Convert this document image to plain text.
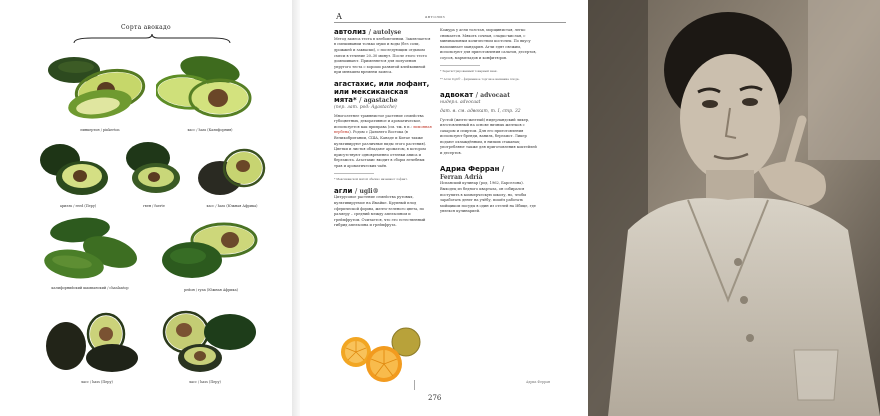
Сорта авокадо
пинкертон / pinkerton	хасс / hass (Калифорния)
ариэль / reed (Перу)	гвен / fuerte	хасс / hass (Южная Африка)
калифорнийский шампанский / chanlantop	рейон / ryan (Южная Африка)
хасс / hass (Перу)	хасс / hass (Перу)
А	автолиз
автолиз / autolyse

Метод замеса теста в хлебопечении. Заключается в смешивании только муки и воды (без соли, дрожжей и закваски), с последующим отдыхом смеси в течение 20–30 минут. После этого тесто домешивают. Применяется для получения упругого теста с хорошо развитой клейковиной при меньшем времени замеса.

агастахис, или лофант, или мексиканская мята* / agastache

(пер. лат. род: Agastache)

Многолетнее травянистое растение семейства губоцветных, декоративное и ароматическое, используется как приправа (см. тж. в п.: лимонная вербена). Родом с Дальнего Востока (в Великобритании, США, Канаде и Китае также культивируют различные виды этого растения). Цветки и листья обладают ароматом, в котором присутствуют одновременно оттенки аниса и бергамота. Агастахис входит в сборы лечебных трав и ароматических чаёв.

* Мексиканской мятой обычно называют лофант.

агли / ugli®

Цитрусовое растение семейства рутовых, культивируемое на Ямайке. Крупный плод сферической формы, желто-зеленого цвета, по размеру – средний между апельсином и грейпфрутом. Считается, что это естественный гибрид апельсина и грейпфрута.

Кожура у агли толстая, морщинистая, легко снимается. Мякоть сочная, сладко-кислая, с минимальным количеством косточек. По вкусу напоминает мандарин. Агли едят свежим, используют для приготовления салатов, десертов, соусов, мармеладов и конфитюров.

* Зарегистрированный товарный знак.

** Агли Ugli® – фирменное торговое название плода.

адвокат / advocaat

нидерл. advocaat

дат. в. см. адвокат, т. I, стр. 32

Густой (желто-желтый) нидерландский ликер, изготовленный на основе яичных желтков с сахаром и спиртом. Для его приготовления используют бренди, ваниль, бергамот. Ликер подают охлаждённым, в низких стаканах; употребляют также для приготовления коктейлей и десертов.

Адриа Ферран /
Ferran Adrià

Испанский кулинар (род. 1962, Барселона). Выходец из бедного квартала, он собирался поступить в коммерческую школу, но, чтобы заработать денег на учёбу, пошёл работать мойщиком посуды в один из отелей на Ибице, где увлекся кулинарией.

276
Адриа Ферран
